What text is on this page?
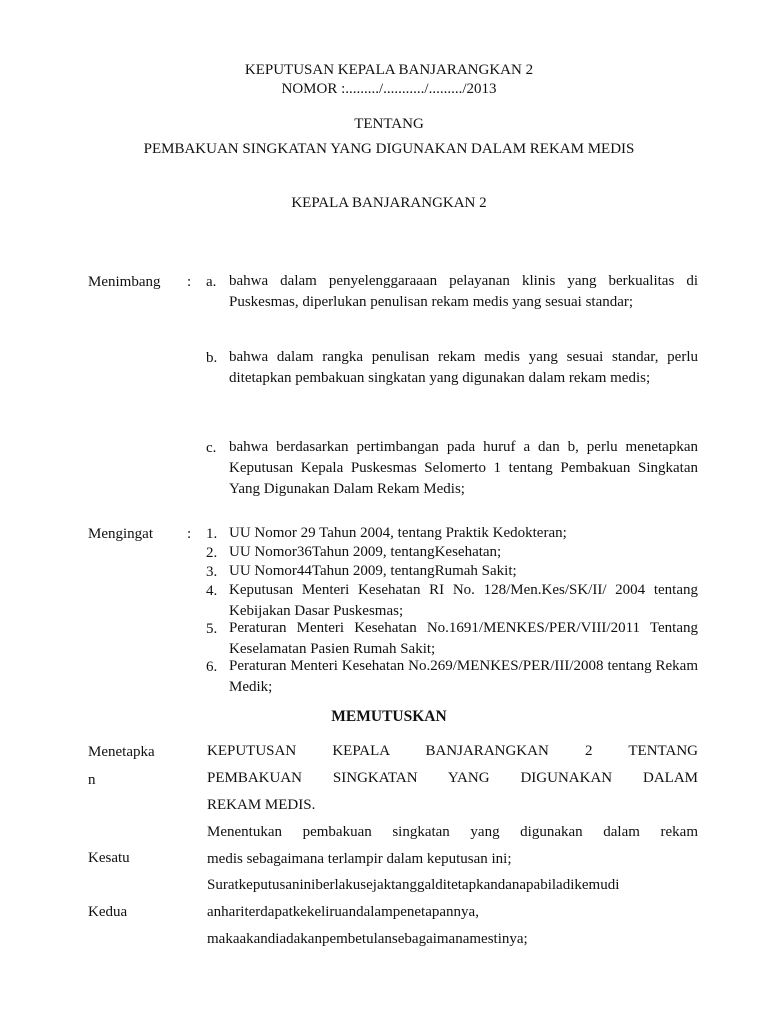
KEPUTUSAN KEPALA BANJARANGKAN 2
NOMOR :........./.........../........./2013
TENTANG
PEMBAKUAN SINGKATAN YANG DIGUNAKAN DALAM REKAM MEDIS
KEPALA BANJARANGKAN 2
Menimbang : a. bahwa dalam penyelenggaraaan pelayanan klinis yang berkualitas di Puskesmas, diperlukan penulisan rekam medis yang sesuai standar;
b. bahwa dalam rangka penulisan rekam medis yang sesuai standar, perlu ditetapkan pembakuan singkatan yang digunakan dalam rekam medis;
c. bahwa berdasarkan pertimbangan pada huruf a dan b, perlu menetapkan Keputusan Kepala Puskesmas Selomerto 1 tentang Pembakuan Singkatan Yang Digunakan Dalam Rekam Medis;
Mengingat : 1. UU Nomor 29 Tahun 2004, tentang Praktik Kedokteran;
2. UU Nomor36Tahun 2009, tentangKesehatan;
3. UU Nomor44Tahun 2009, tentangRumah Sakit;
4. Keputusan Menteri Kesehatan RI No. 128/Men.Kes/SK/II/ 2004 tentang Kebijakan Dasar Puskesmas;
5. Peraturan Menteri Kesehatan No.1691/MENKES/PER/VIII/2011 Tentang Keselamatan Pasien Rumah Sakit;
6. Peraturan Menteri Kesehatan No.269/MENKES/PER/III/2008 tentang Rekam Medik;
MEMUTUSKAN
Menetapka
n
KEPUTUSAN KEPALA BANJARANGKAN 2 TENTANG
PEMBAKUAN SINGKATAN YANG DIGUNAKAN DALAM
REKAM MEDIS.
Kesatu
Menentukan pembakuan singkatan yang digunakan dalam rekam
medis sebagaimana terlampir dalam keputusan ini;
Kedua
Suratkeputusaniniberlakusejaktanggalditetapkandanapabiladikemudi
anhariterdapatkekeliruandalampenetapannya,
makaakandiadakanpembetulansebagaimanamestinya;
